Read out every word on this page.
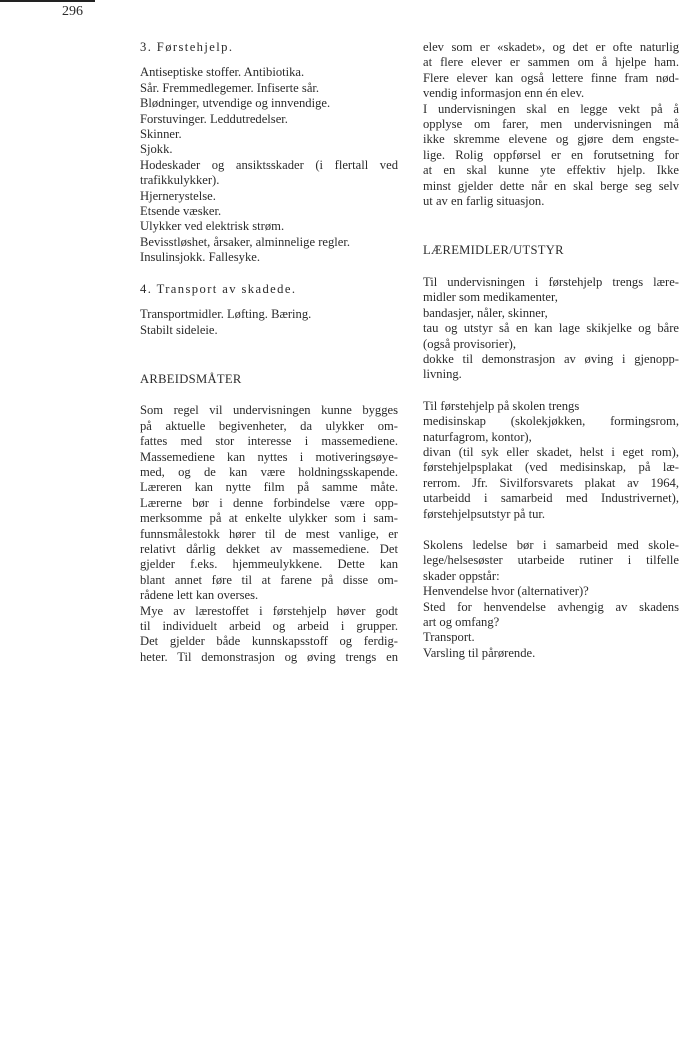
296
3. Førstehjelp.
Antiseptiske stoffer. Antibiotika.
Sår. Fremmedlegemer. Infiserte sår.
Blødninger, utvendige og innvendige.
Forstuvinger. Leddutredelser.
Skinner.
Sjokk.
Hodeskader og ansiktsskader (i flertall ved
trafikkulykker).
Hjernerystelse.
Etsende væsker.
Ulykker ved elektrisk strøm.
Bevisstløshet, årsaker, alminnelige regler.
Insulinsjokk. Fallesyke.
4. Transport av skadede.
Transportmidler. Løfting. Bæring.
Stabilt sideleie.
ARBEIDSMÅTER
Som regel vil undervisningen kunne bygges
på aktuelle begivenheter, da ulykker om-
fattes med stor interesse i massemediene.
Massemediene kan nyttes i motiveringsøye-
med, og de kan være holdningsskapende.
Læreren kan nytte film på samme måte.
Lærerne bør i denne forbindelse være opp-
merksomme på at enkelte ulykker som i sam-
funnsmålestokk hører til de mest vanlige, er
relativt dårlig dekket av massemediene. Det
gjelder f.eks. hjemmeulykkene. Dette kan
blant annet føre til at farene på disse om-
rådene lett kan overses.
Mye av lærestoffet i førstehjelp høver godt
til individuelt arbeid og arbeid i grupper.
Det gjelder både kunnskapsstoff og ferdig-
heter. Til demonstrasjon og øving trengs en
elev som er «skadet», og det er ofte naturlig
at flere elever er sammen om å hjelpe ham.
Flere elever kan også lettere finne fram nød-
vendig informasjon enn én elev.
I undervisningen skal en legge vekt på å
opplyse om farer, men undervisningen må
ikke skremme elevene og gjøre dem engste-
lige. Rolig oppførsel er en forutsetning for
at en skal kunne yte effektiv hjelp. Ikke
minst gjelder dette når en skal berge seg selv
ut av en farlig situasjon.
LÆREMIDLER/UTSTYR
Til undervisningen i førstehjelp trengs lære-
midler som medikamenter,
bandasjer, nåler, skinner,
tau og utstyr så en kan lage skikjelke og båre
(også provisorier),
dokke til demonstrasjon av øving i gjenopp-
livning.
Til førstehjelp på skolen trengs
medisinskap (skolekjøkken, formingsrom,
naturfagrom, kontor),
divan (til syk eller skadet, helst i eget rom),
førstehjelpsplakat (ved medisinskap, på læ-
rerrom. Jfr. Sivilforsvarets plakat av 1964,
utarbeidd i samarbeid med Industrivernet),
førstehjelpsutstyr på tur.
Skolens ledelse bør i samarbeid med skole-
lege/helsesøster utarbeide rutiner i tilfelle
skader oppstår:
Henvendelse hvor (alternativer)?
Sted for henvendelse avhengig av skadens
art og omfang?
Transport.
Varsling til pårørende.
